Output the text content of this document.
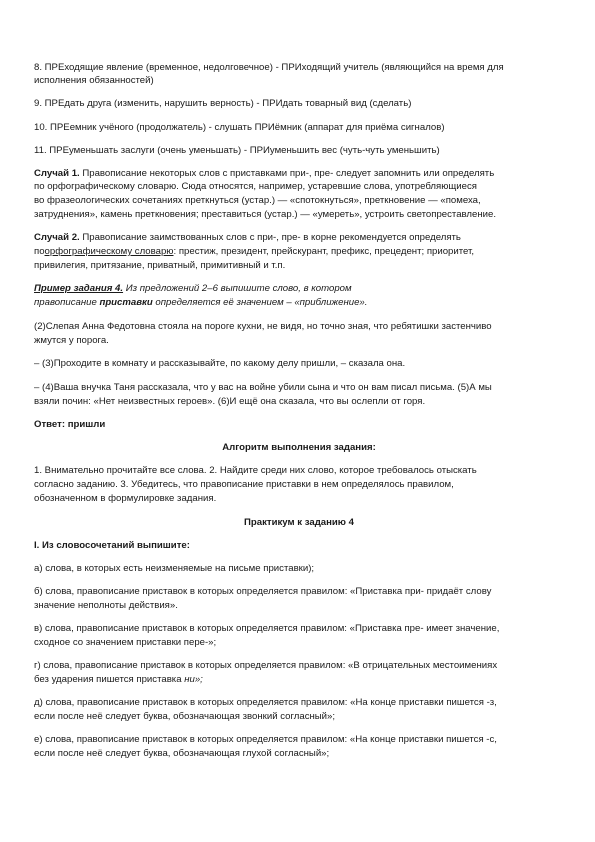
8. ПРЕходящие явление (временное, недолговечное) - ПРИходящий учитель (являющийся на время для

исполнения обязанностей)

9. ПРЕдать друга (изменить, нарушить верность) - ПРИдать товарный вид (сделать)

10. ПРЕемник учёного (продолжатель) - слушать ПРИёмник (аппарат для приёма сигналов)

11. ПРЕуменьшать заслуги (очень уменьшать) - ПРИуменьшить вес (чуть-чуть уменьшить)

Случай 1. Правописание некоторых слов с приставками при-, пре- следует запомнить или определять

по орфографическому словарю. Сюда относятся, например, устаревшие слова, употребляющиеся

во фразеологических сочетаниях преткнуться (устар.) — «спотокнуться», преткновение — «помеха,

затруднения», камень преткновения; преставиться (устар.) — «умереть», устроить светопреставление.

Случай 2. Правописание заимствованных слов с при-, пре- в корне рекомендуется определять

поорфографическому словарю: престиж, президент, прейскурант, префикс, прецедент; приоритет,

привилегия, притязание, приватный, примитивный и т.п.

Пример задания 4. Из предложений 2–6 выпишите слово, в котором

правописание приставки определяется её значением – «приближение».

(2)Слепая Анна Федотовна стояла на пороге кухни, не видя, но точно зная, что ребятишки застенчиво

жмутся у порога.

– (3)Проходите в комнату и рассказывайте, по какому делу пришли, – сказала она.

– (4)Ваша внучка Таня рассказала, что у вас на войне убили сына и что он вам писал письма. (5)А мы

взяли почин: «Нет неизвестных героев». (6)И ещё она сказала, что вы ослепли от горя.

Ответ: пришли

Алгоритм выполнения задания:

1. Внимательно прочитайте все слова. 2. Найдите среди них слово, которое требовалось отыскать

согласно заданию. 3. Убедитесь, что правописание приставки в нем определялось правилом,

обозначенном в формулировке задания.

Практикум к заданию 4

I. Из словосочетаний выпишите:

а) слова, в которых есть неизменяемые на письме приставки);

б) слова, правописание приставок в которых определяется правилом: «Приставка при- придаёт слову

значение неполноты действия».

в) слова, правописание приставок в которых определяется правилом: «Приставка пре- имеет значение,

сходное со значением приставки пере-»;

г) слова, правописание приставок в которых определяется правилом: «В отрицательных местоимениях

без ударения пишется приставка ни»;

д) слова, правописание приставок в которых определяется правилом: «На конце приставки пишется -з,

если после неё следует буква, обозначающая звонкий согласный»;

е) слова, правописание приставок в которых определяется правилом: «На конце приставки пишется -с,

если после неё следует буква, обозначающая глухой согласный»;
